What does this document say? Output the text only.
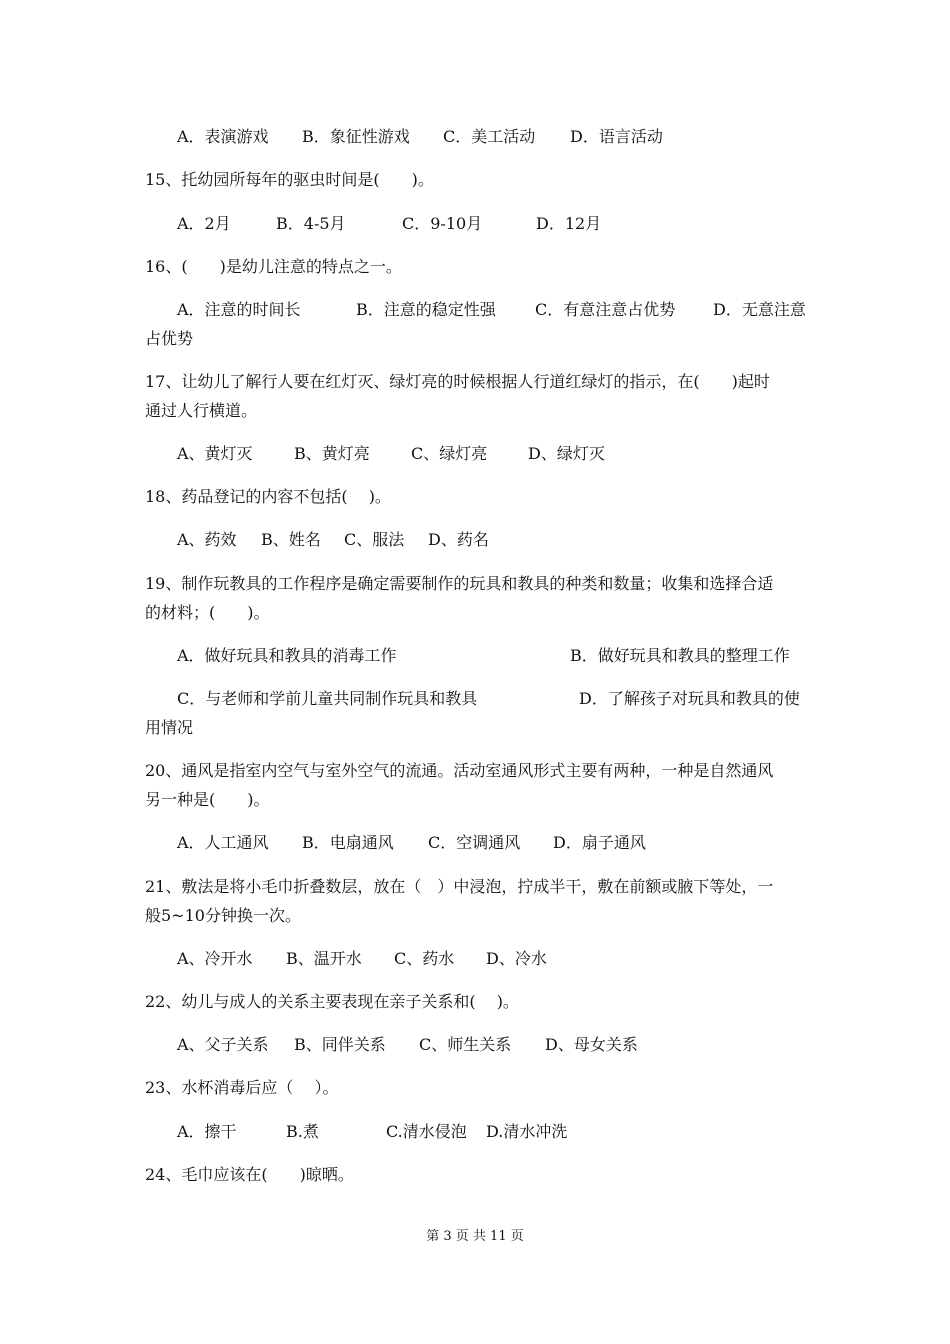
A．表演游戏 B．象征性游戏 C．美工活动 D．语言活动
15、托幼园所每年的驱虫时间是(　　)。
A．2月	B．4-5月	C．9-10月	D．12月
16、(　　)是幼儿注意的特点之一。
A．注意的时间长	B．注意的稳定性强 C．有意注意占优势 D．无意注意
占优势
17、让幼儿了解行人要在红灯灭、绿灯亮的时候根据人行道红绿灯的指示，在(　　)起时
通过人行横道。
A、黄灯灭	B、黄灯亮	C、绿灯亮	D、绿灯灭
18、药品登记的内容不包括(　 )。
A、药效 B、姓名 C、服法 D、药名
19、制作玩教具的工作程序是确定需要制作的玩具和教具的种类和数量；收集和选择合适
的材料；(　　)。
A．做好玩具和教具的消毒工作	B．做好玩具和教具的整理工作
C．与老师和学前儿童共同制作玩具和教具	D．了解孩子对玩具和教具的使
用情况
20、通风是指室内空气与室外空气的流通。活动室通风形式主要有两种，一种是自然通风
另一种是(　　)。
A．人工通风 B．电扇通风 C．空调通风 D．扇子通风
21、敷法是将小毛巾折叠数层，放在（　）中浸泡，拧成半干，敷在前额或腋下等处，一
般5~10分钟换一次。
A、冷开水 B、温开水 C、药水 D、冷水
22、幼儿与成人的关系主要表现在亲子关系和(　 )。
A、父子关系 B、同伴关系 C、师生关系 D、母女关系
23、水杯消毒后应（　 ）。
A．擦干	B.煮	C.清水侵泡 D.清水冲洗
24、毛巾应该在(　　)晾晒。
第 3 页 共 11 页
